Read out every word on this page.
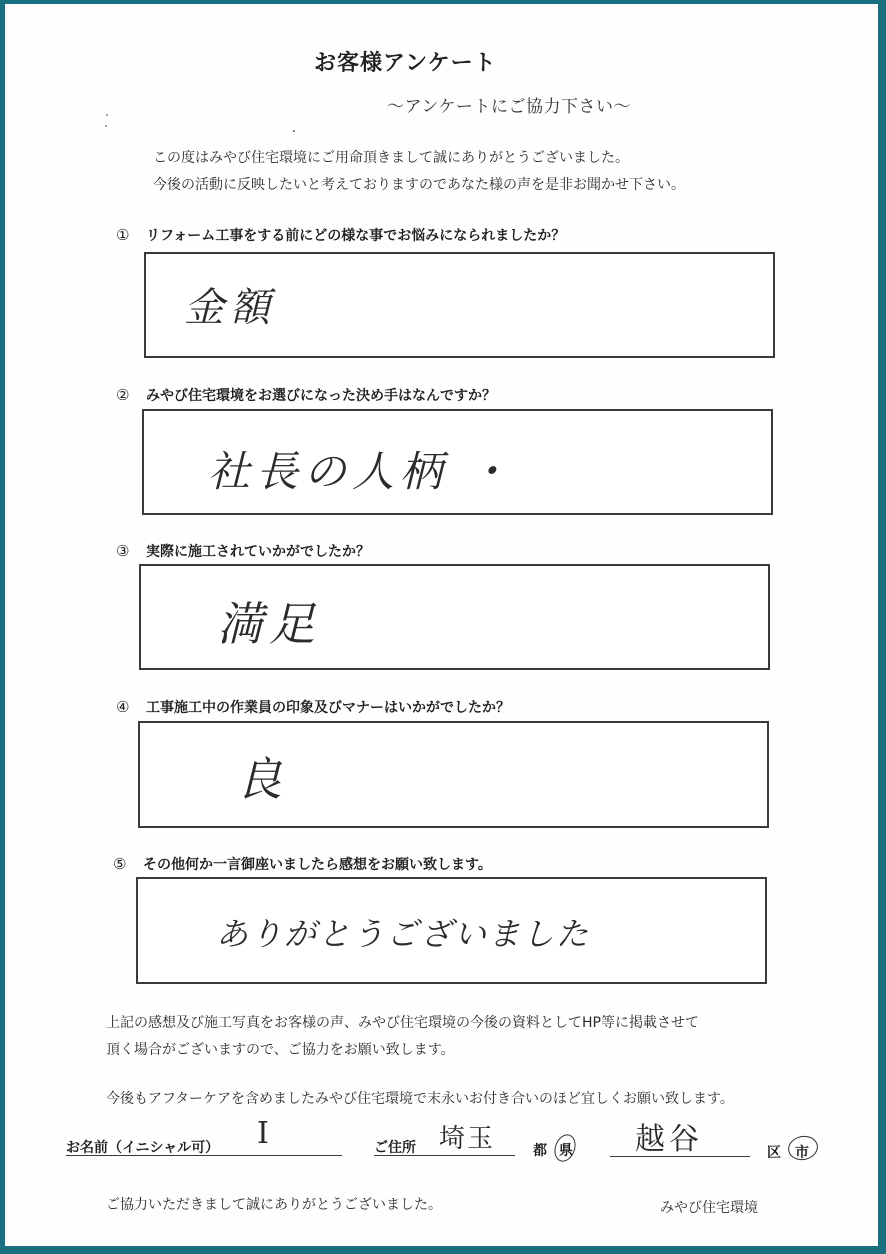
お客様アンケート
～アンケートにご協力下さい～
この度はみやび住宅環境にご用命頂きまして誠にありがとうございました。
今後の活動に反映したいと考えておりますのであなた様の声を是非お聞かせ下さい。
① リフォーム工事をする前にどの様な事でお悩みになられましたか？
金額
② みやび住宅環境をお選びになった決め手はなんですか？
社長の人柄 ・
③ 実際に施工されていかがでしたか？
満足
④ 工事施工中の作業員の印象及びマナーはいかがでしたか？
良
⑤ その他何か一言御座いましたら感想をお願い致します。
ありがとうございました
上記の感想及び施工写真をお客様の声、みやび住宅環境の今後の資料としてHP等に掲載させて
頂く場合がございますので、ご協力をお願い致します。
今後もアフターケアを含めましたみやび住宅環境で末永いお付き合いのほど宜しくお願い致します。
お名前（イニシャル可） I	ご住所 埼玉	都 県 越谷	区 市
ご協力いただきまして誠にありがとうございました。	みやび住宅環境
